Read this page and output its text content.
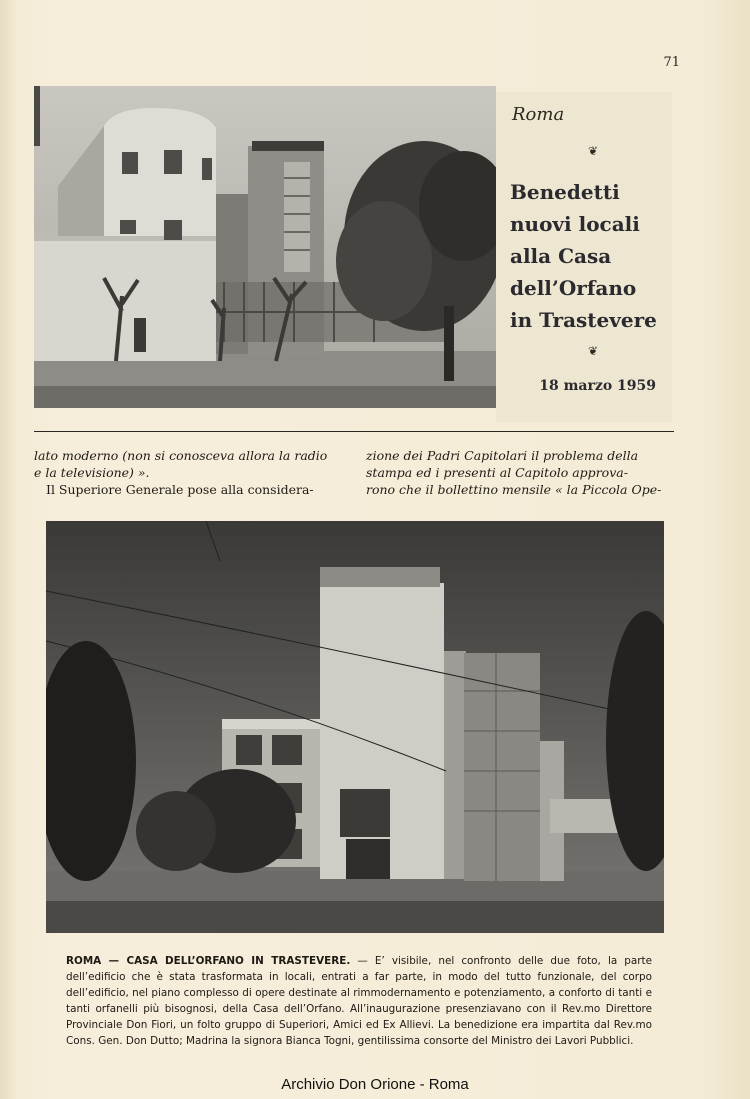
71
Roma
❦
Benedetti
nuovi locali
alla Casa
dell’Orfano
in Trastevere
❦
18 marzo 1959

lato moderno (non si conosceva allora la radio

e la televisione) ».

Il Superiore Generale pose alla considera-

zione dei Padri Capitolari il problema della

stampa ed i presenti al Capitolo approva-

rono che il bollettino mensile « la Piccola Ope-

ROMA — CASA DELL’ORFANO IN TRASTEVERE. — E’ visibile, nel confronto delle due foto, la parte dell’edificio che è stata trasformata in locali, entrati a far parte, in modo del tutto funzionale, del corpo dell’edificio, nel piano complesso di opere destinate al rimmodernamento e potenziamento, a conforto di tanti e tanti orfanelli più bisognosi, della Casa dell’Orfano. All’inaugurazione presenziavano con il Rev.mo Direttore Provinciale Don Fiori, un folto gruppo di Superiori, Amici ed Ex Allievi. La benedizione era impartita dal Rev.mo Cons. Gen. Don Dutto; Madrina la signora Bianca Togni, gentilissima consorte del Ministro dei Lavori Pubblici.
Archivio Don Orione - Roma
